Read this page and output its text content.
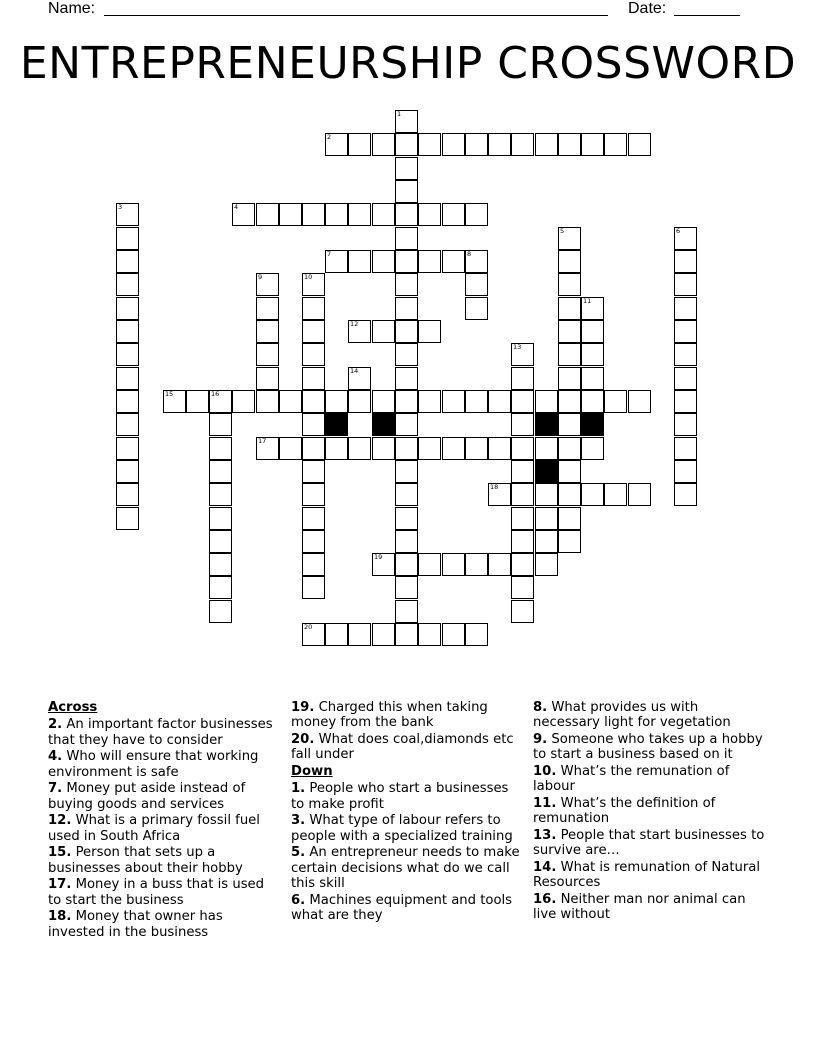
Name:	Date:
ENTREPRENEURSHIP CROSSWORD
1
2
3	4
5	6
7	8
9	10
11
12
13
14
15	16
17
18
19
20
Across
2. An important factor businesses that they have to consider
4. Who will ensure that working environment is safe
7. Money put aside instead of buying goods and services
12. What is a primary fossil fuel used in South Africa
15. Person that sets up a businesses about their hobby
17. Money in a buss that is used to start the business
18. Money that owner has invested in the business
19. Charged this when taking money from the bank
20. What does coal,diamonds etc fall under
Down
1. People who start a businesses to make profit
3. What type of labour refers to people with a specialized training
5. An entrepreneur needs to make certain decisions what do we call this skill
6. Machines equipment and tools what are they
8. What provides us with necessary light for vegetation
9. Someone who takes up a hobby to start a business based on it
10. What’s the remunation of labour
11. What’s the definition of remunation
13. People that start businesses to survive are…
14. What is remunation of Natural Resources
16. Neither man nor animal can live without
